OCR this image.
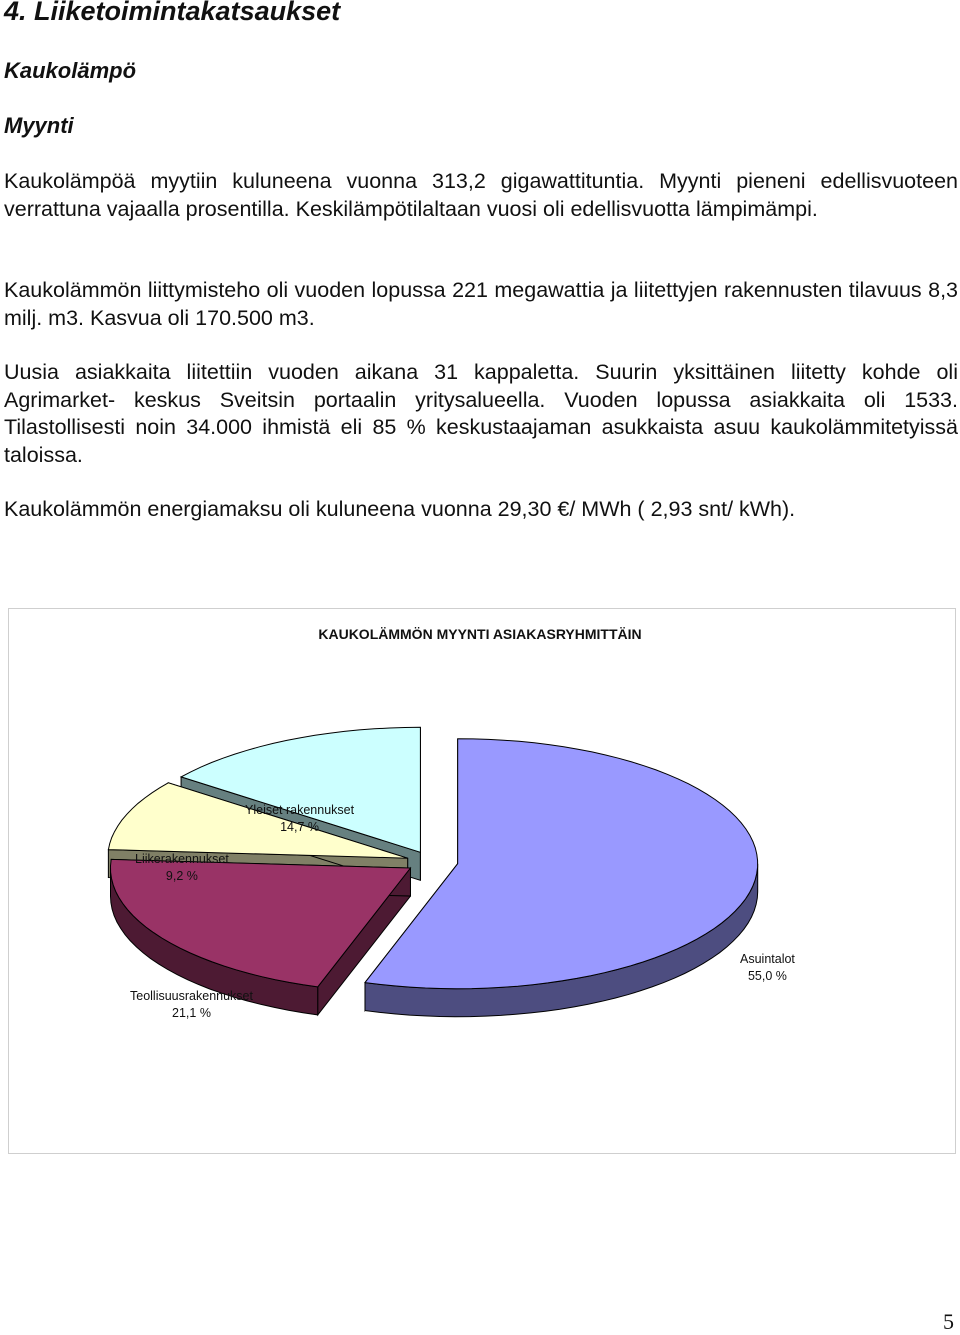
4. Liiketoimintakatsaukset
Kaukolämpö
Myynti

Kaukolämpöä myytiin kuluneena vuonna 313,2 gigawattituntia. Myynti pieneni edellisvuoteen verrattuna vajaalla prosentilla. Keskilämpötilaltaan vuosi oli edellisvuotta lämpimämpi.

Kaukolämmön liittymisteho oli vuoden lopussa 221 megawattia ja liitettyjen rakennusten tilavuus 8,3 milj. m3. Kasvua oli 170.500 m3.

Uusia asiakkaita liitettiin vuoden aikana 31 kappaletta. Suurin yksittäinen liitetty kohde oli Agrimarket- keskus Sveitsin portaalin yritysalueella. Vuoden lopussa asiakkaita oli 1533. Tilastollisesti noin 34.000 ihmistä eli 85 % keskustaajaman asukkaista asuu kaukolämmitetyissä taloissa.

Kaukolämmön energiamaksu oli kuluneena vuonna 29,30 €/ MWh ( 2,93 snt/ kWh).

KAUKOLÄMMÖN MYYNTI ASIAKASRYHMITTÄIN
Yleiset rakennukset
14,7 %
Liikerakennukset
9,2 %
Teollisuusrakennukset
21,1 %
Asuintalot
55,0 %
5
